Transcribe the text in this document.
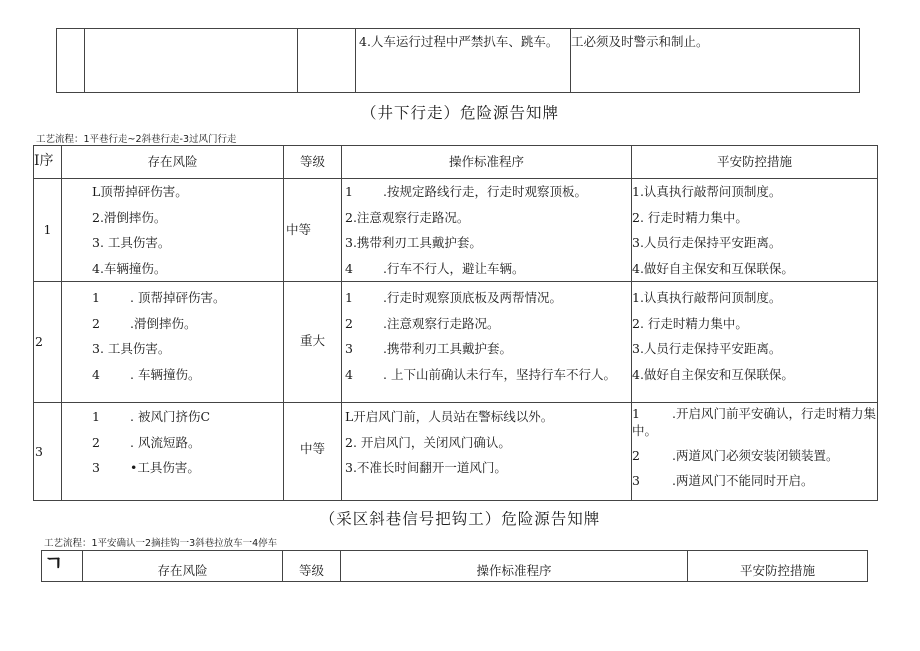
4.人车运行过程中严禁扒车、跳车。	工必须及时警示和制止。
（井下行走）危险源告知牌
工艺流程：1平巷行走~2斜巷行走-3过风门行走
I序	存在风险	等级	操作标准程序	平安防控措施
1	L顶帮掉砰伤害。
2.滑倒摔伤。
3. 工具伤害。
4.车辆撞伤。	中等	1 .按规定路线行走，行走时观察顶板。
2.注意观察行走路况。
3.携带利刃工具戴护套。
4 .行车不行人，避让车辆。	1.认真执行敲帮问顶制度。
2. 行走时精力集中。
3.人员行走保持平安距离。
4.做好自主保安和互保联保。

2	1 . 顶帮掉砰伤害。
2 .滑倒摔伤。
3. 工具伤害。
4 . 车辆撞伤。	重大	1 .行走时观察顶底板及两帮情况。
2 .注意观察行走路况。
3 .携带利刃工具戴护套。
4 . 上下山前确认未行车，坚持行车不行人。	1.认真执行敲帮问顶制度。
2. 行走时精力集中。
3.人员行走保持平安距离。
4.做好自主保安和互保联保。

3	1 . 被风门挤伤C
2 . 风流短路。
3 •工具伤害。	中等	L开启风门前，人员站在警标线以外。
2. 开启风门，关闭风门确认。
3.不准长时间翻开一道风门。	1 .开启风门前平安确认，行走时精力集
中。
2 .两道风门必须安装闭锁装置。
3 .两道风门不能同时开启。
（采区斜巷信号把钩工）危险源告知牌
工艺流程：1平安确认一2摘挂钩一3斜巷拉放车一4停车
ㄱ	存在风险	等级	操作标准程序	平安防控措施
